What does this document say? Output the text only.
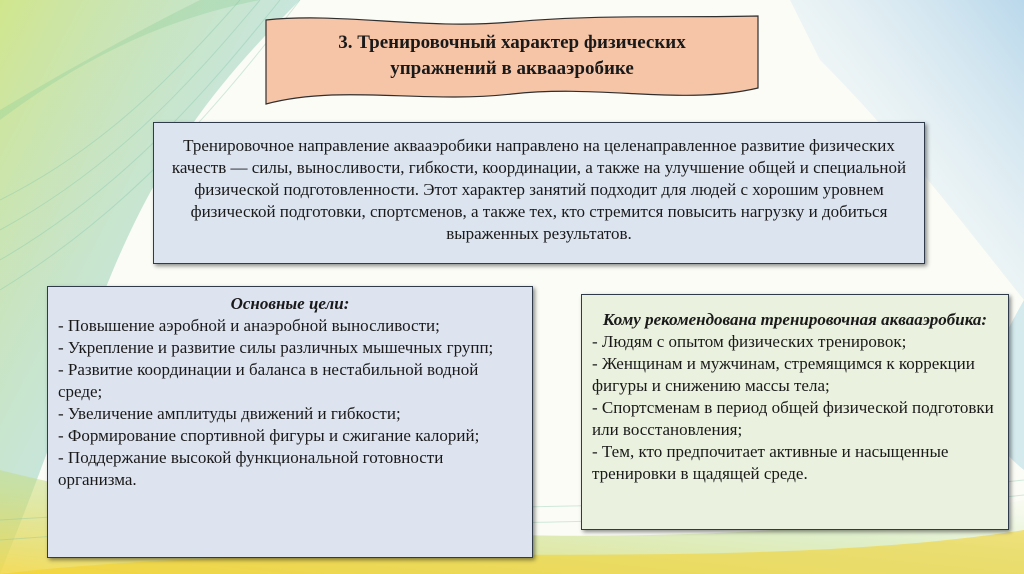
3. Тренировочный характер физических
упражнений в аквааэробике
Тренировочное направление аквааэробики направлено на целенаправленное развитие физических качеств — силы, выносливости, гибкости, координации, а также на улучшение общей и специальной физической подготовленности. Этот характер занятий подходит для людей с хорошим уровнем физической подготовки, спортсменов, а также тех, кто стремится повысить нагрузку и добиться выраженных результатов.
Основные цели:
- Повышение аэробной и анаэробной выносливости;
- Укрепление и развитие силы различных мышечных групп;
- Развитие координации и баланса в нестабильной водной среде;
- Увеличение амплитуды движений и гибкости;
- Формирование спортивной фигуры и сжигание калорий;
- Поддержание высокой функциональной готовности организма.
Кому рекомендована тренировочная аквааэробика:
- Людям с опытом физических тренировок;
- Женщинам и мужчинам, стремящимся к коррекции фигуры и снижению массы тела;
- Спортсменам в период общей физической подготовки или восстановления;
- Тем, кто предпочитает активные и насыщенные тренировки в щадящей среде.
